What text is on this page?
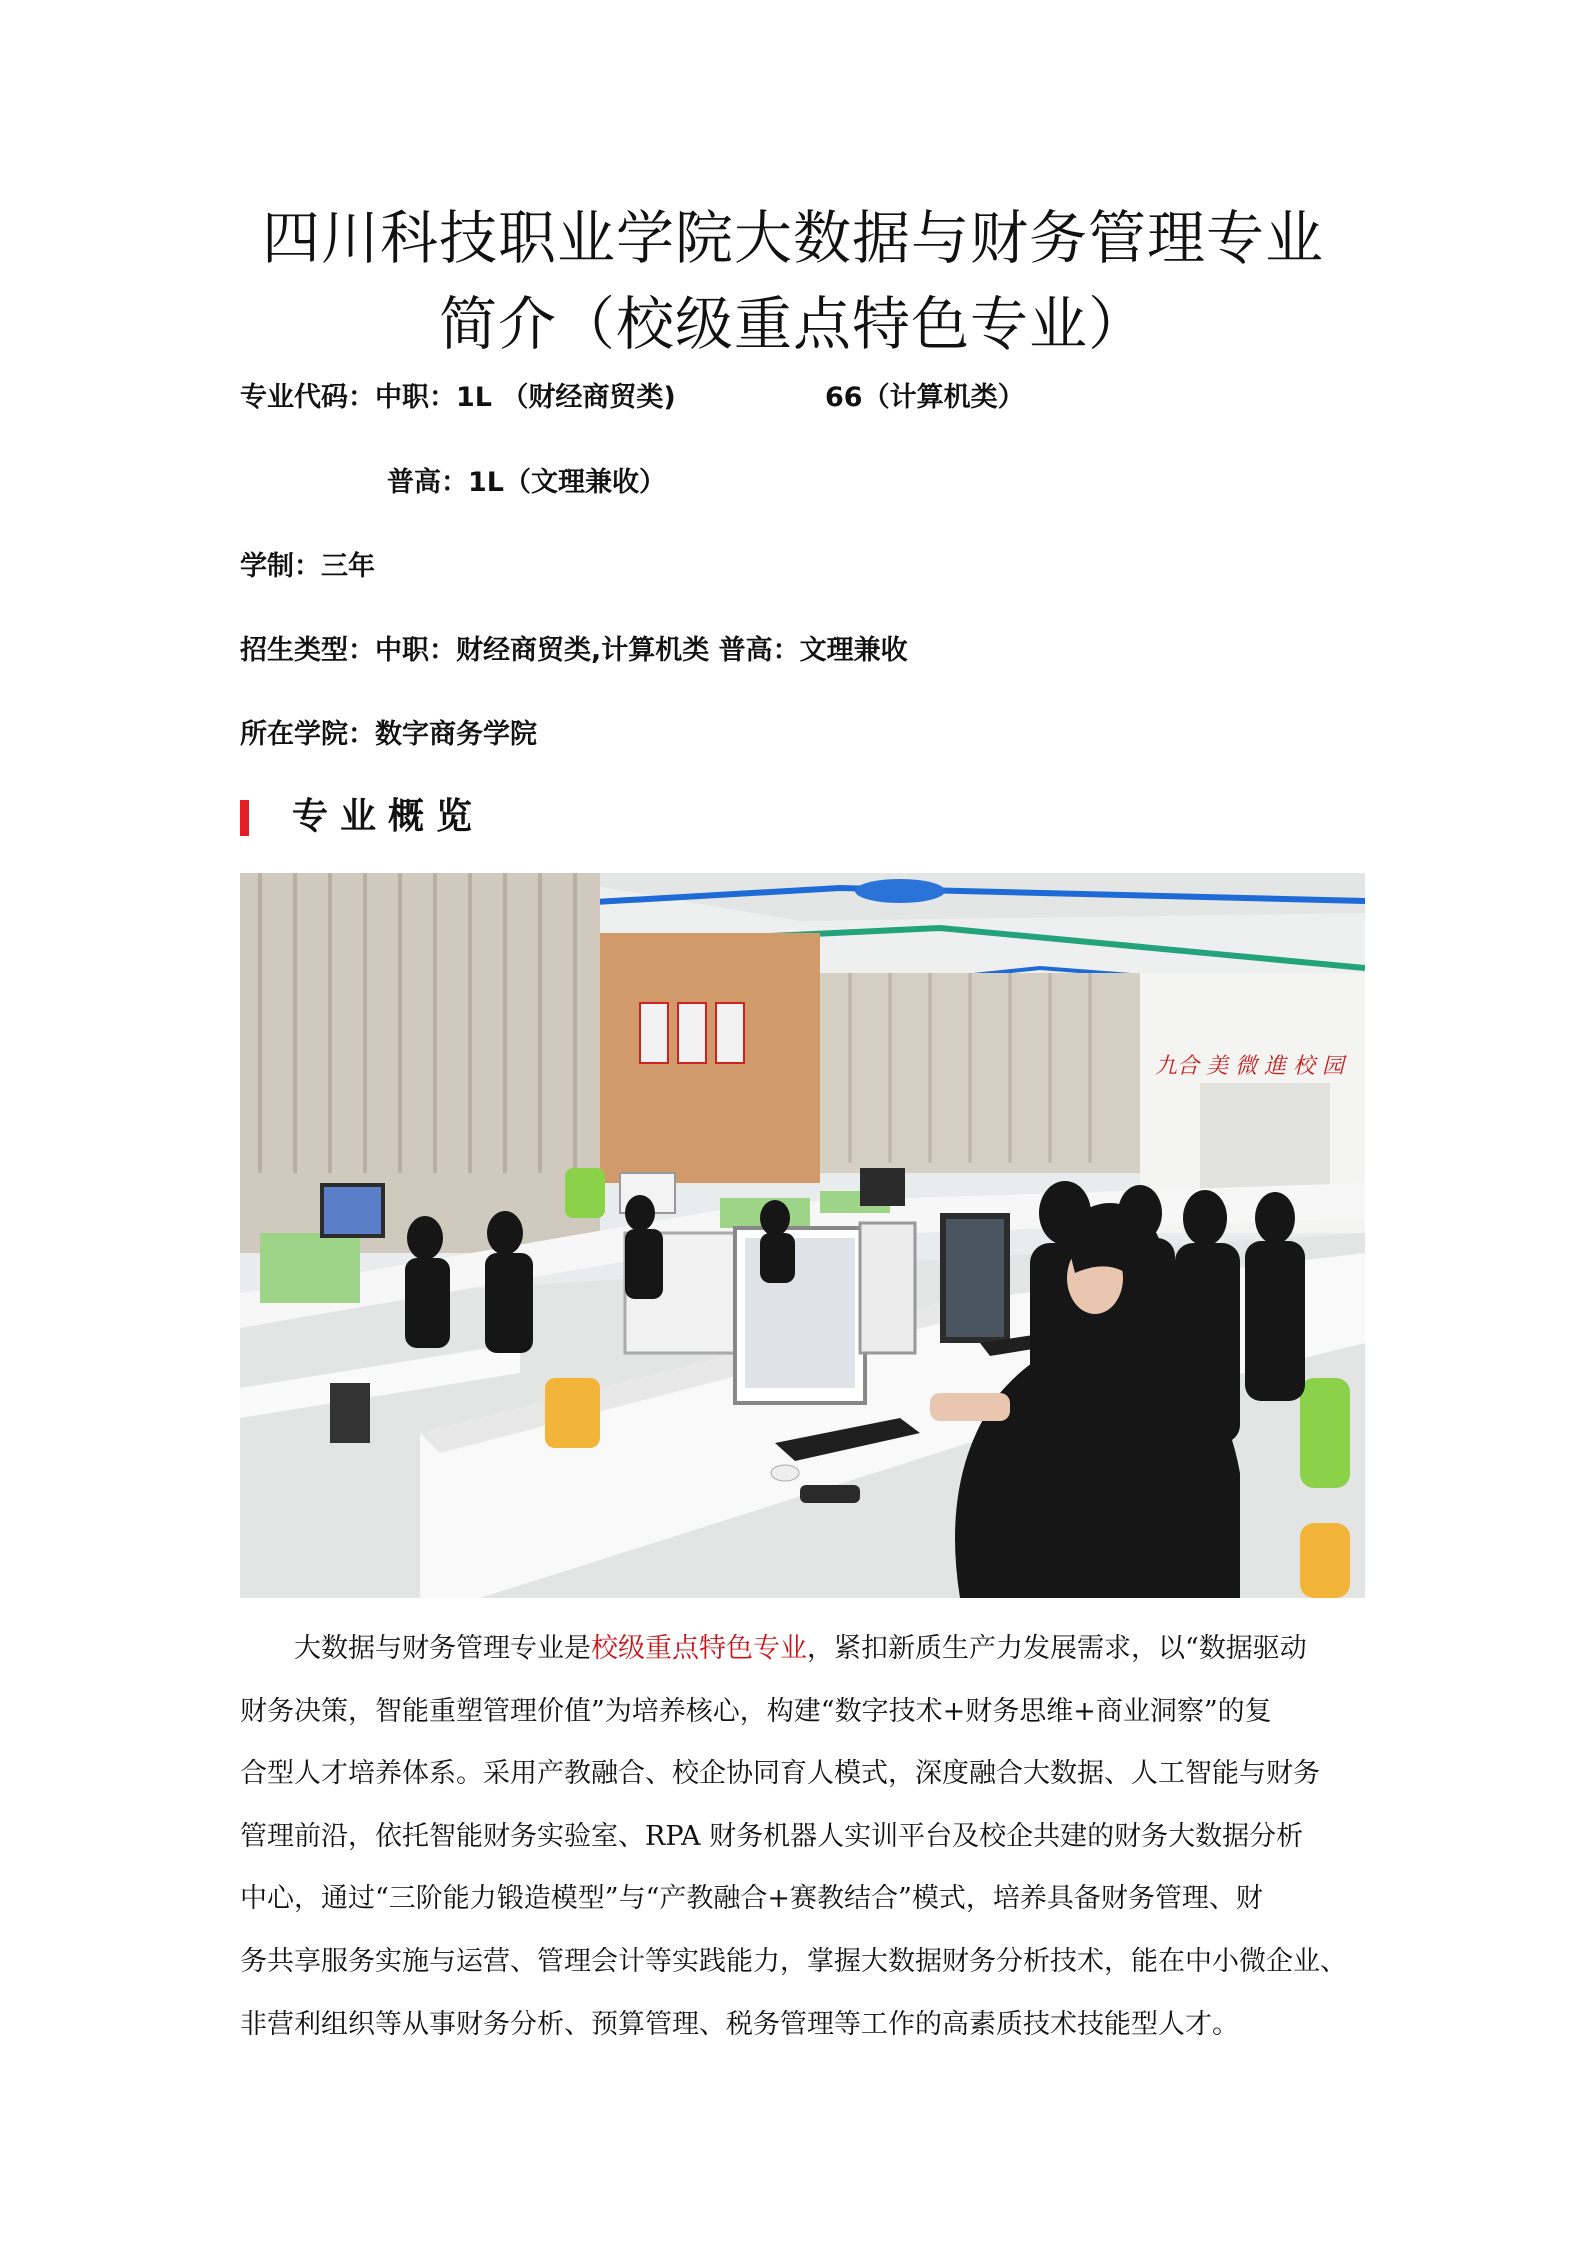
四川科技职业学院大数据与财务管理专业
简介（校级重点特色专业）
专业代码：中职：1L （财经商贸类)	66（计算机类）
普高：1L（文理兼收）
学制：三年
招生类型：中职：财经商贸类,计算机类 普高：文理兼收
所在学院：数字商务学院
专业概览
九合 美 微 進 校 园
大数据与财务管理专业是校级重点特色专业，紧扣新质生产力发展需求，以“数据驱动
财务决策，智能重塑管理价值”为培养核心，构建“数字技术+财务思维+商业洞察”的复
合型人才培养体系。采用产教融合、校企协同育人模式，深度融合大数据、人工智能与财务
管理前沿，依托智能财务实验室、RPA 财务机器人实训平台及校企共建的财务大数据分析
中心，通过“三阶能力锻造模型”与“产教融合+赛教结合”模式，培养具备财务管理、财
务共享服务实施与运营、管理会计等实践能力，掌握大数据财务分析技术，能在中小微企业、
非营利组织等从事财务分析、预算管理、税务管理等工作的高素质技术技能型人才。
